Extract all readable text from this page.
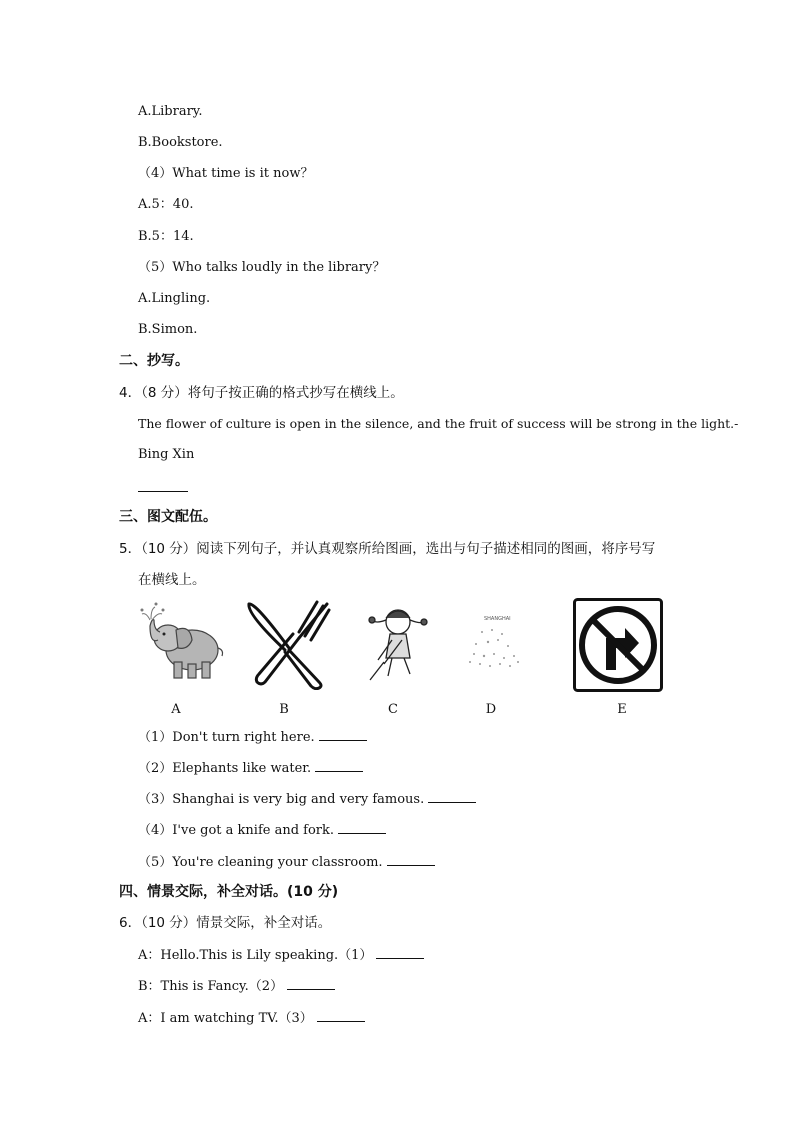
A.Library.
B.Bookstore.
（4）What time is it now？
A.5：40.
B.5：14.
（5）Who talks loudly in the library？
A.Lingling.
B.Simon.
二、抄写。
4．（8 分）将句子按正确的格式抄写在横线上。
The flower of culture is open in the silence, and the fruit of success will be strong in the light.-
Bing Xin
三、图文配伍。
5．（10 分）阅读下列句子，并认真观察所给图画，选出与句子描述相同的图画，将序号写
在横线上。
SHANGHAI
A	B	C	D	E
（1）Don't turn right here.
（2）Elephants like water.
（3）Shanghai is very big and very famous.
（4）I've got a knife and fork.
（5）You're cleaning your classroom.
四、情景交际，补全对话。(10 分)
6．（10 分）情景交际，补全对话。
A：Hello.This is Lily speaking.（1）
B：This is Fancy.（2）
A：I am watching TV.（3）
